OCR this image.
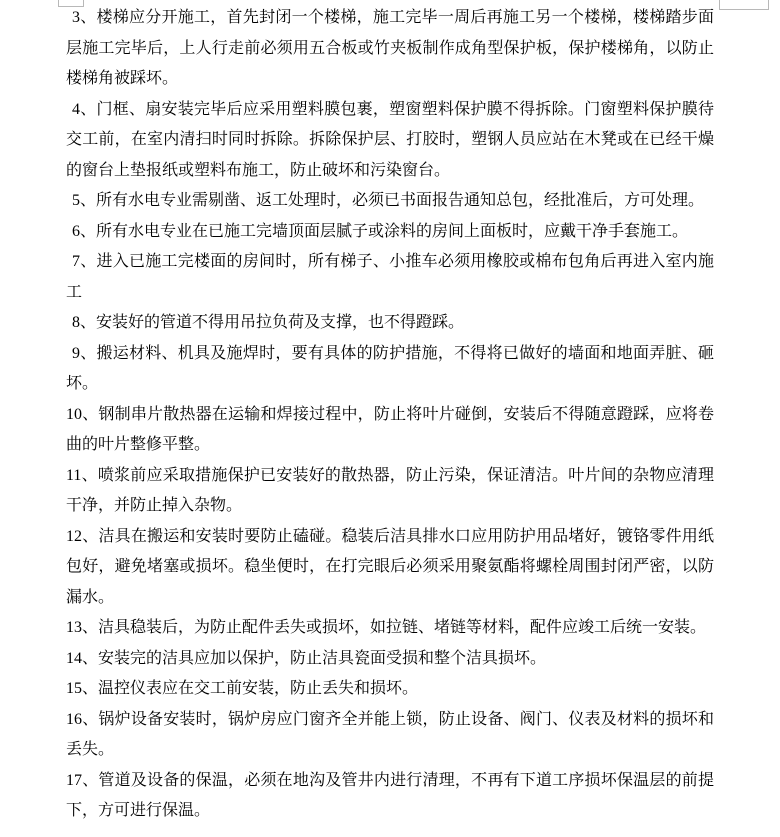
3、楼梯应分开施工，首先封闭一个楼梯，施工完毕一周后再施工另一个楼梯，楼梯踏步面
层施工完毕后，上人行走前必须用五合板或竹夹板制作成角型保护板，保护楼梯角，以防止
楼梯角被踩坏。
4、门框、扇安装完毕后应采用塑料膜包裹，塑窗塑料保护膜不得拆除。门窗塑料保护膜待
交工前，在室内清扫时同时拆除。拆除保护层、打胶时，塑钢人员应站在木凳或在已经干燥
的窗台上垫报纸或塑料布施工，防止破坏和污染窗台。
5、所有水电专业需剔凿、返工处理时，必须已书面报告通知总包，经批准后，方可处理。
6、所有水电专业在已施工完墙顶面层腻子或涂料的房间上面板时，应戴干净手套施工。
7、进入已施工完楼面的房间时，所有梯子、小推车必须用橡胶或棉布包角后再进入室内施
工
8、安装好的管道不得用吊拉负荷及支撑，也不得蹬踩。
9、搬运材料、机具及施焊时，要有具体的防护措施，不得将已做好的墙面和地面弄脏、砸
坏。
10、钢制串片散热器在运输和焊接过程中，防止将叶片碰倒，安装后不得随意蹬踩，应将卷
曲的叶片整修平整。
11、喷浆前应采取措施保护已安装好的散热器，防止污染，保证清洁。叶片间的杂物应清理
干净，并防止掉入杂物。
12、洁具在搬运和安装时要防止磕碰。稳装后洁具排水口应用防护用品堵好，镀铬零件用纸
包好，避免堵塞或损坏。稳坐便时，在打完眼后必须采用聚氨酯将螺栓周围封闭严密，以防
漏水。
13、洁具稳装后，为防止配件丢失或损坏，如拉链、堵链等材料，配件应竣工后统一安装。
14、安装完的洁具应加以保护，防止洁具瓷面受损和整个洁具损坏。
15、温控仪表应在交工前安装，防止丢失和损坏。
16、锅炉设备安装时，锅炉房应门窗齐全并能上锁，防止设备、阀门、仪表及材料的损坏和
丢失。
17、管道及设备的保温，必须在地沟及管井内进行清理，不再有下道工序损坏保温层的前提
下，方可进行保温。
